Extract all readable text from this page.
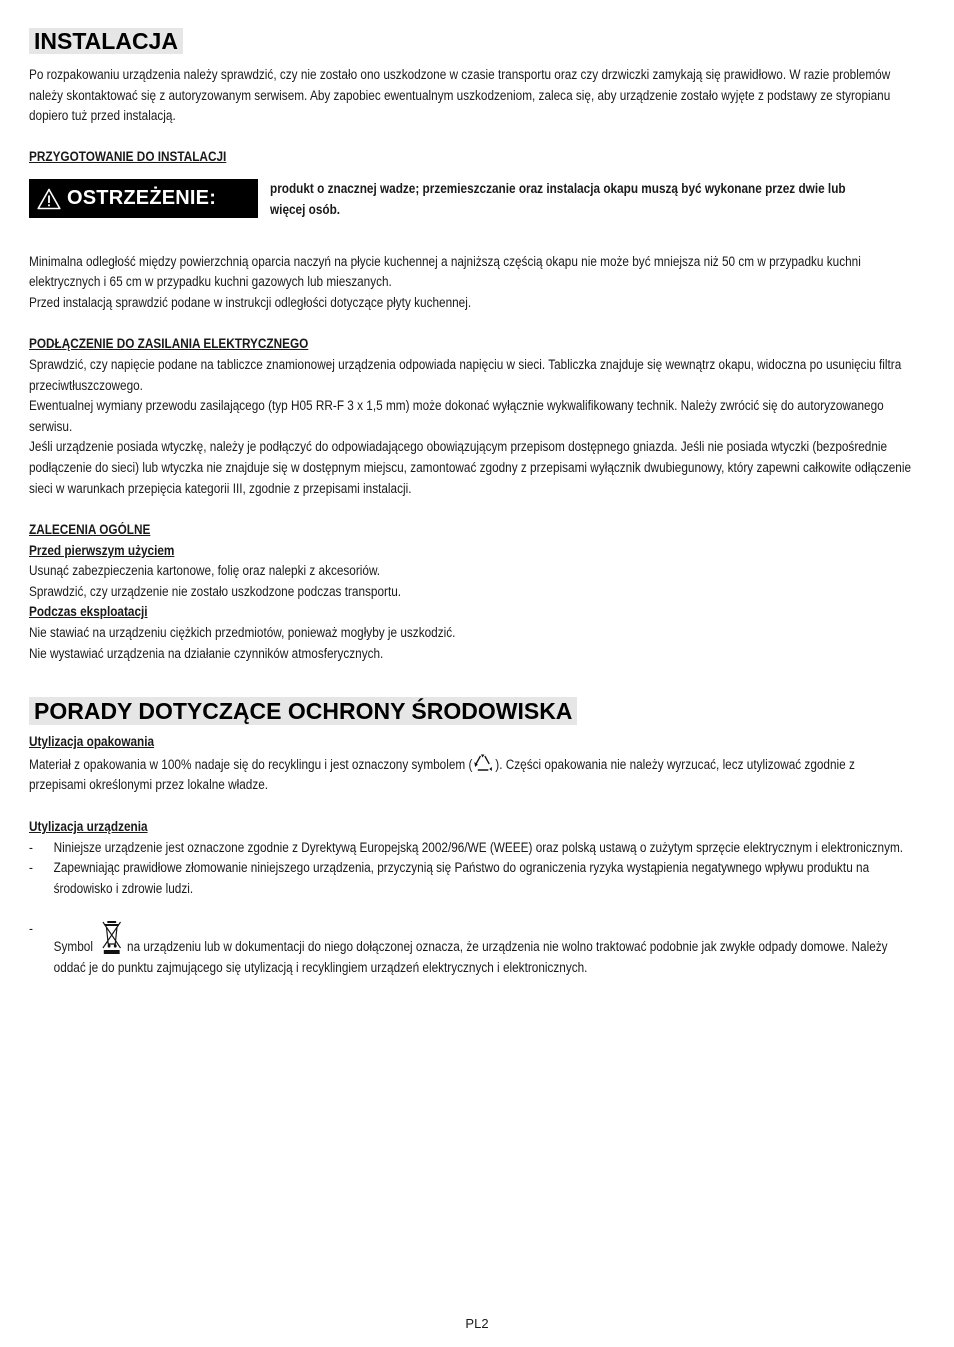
INSTALACJA

Po rozpakowaniu urządzenia należy sprawdzić, czy nie zostało ono uszkodzone w czasie transportu oraz czy drzwiczki zamykają się prawidłowo. W razie problemów należy skontaktować się z autoryzowanym serwisem. Aby zapobiec ewentualnym uszkodzeniom, zaleca się, aby urządzenie zostało wyjęte z podstawy ze styropianu dopiero tuż przed instalacją.

PRZYGOTOWANIE DO INSTALACJI

OSTRZEŻENIE:	produkt o znacznej wadze; przemieszczanie oraz instalacja okapu muszą być wykonane przez dwie lub więcej osób.

Minimalna odległość między powierzchnią oparcia naczyń na płycie kuchennej a najniższą częścią okapu nie może być mniejsza niż 50 cm w przypadku kuchni elektrycznych i 65 cm w przypadku kuchni gazowych lub mieszanych.

Przed instalacją sprawdzić podane w instrukcji odległości dotyczące płyty kuchennej.

PODŁĄCZENIE DO ZASILANIA ELEKTRYCZNEGO

Sprawdzić, czy napięcie podane na tabliczce znamionowej urządzenia odpowiada napięciu w sieci. Tabliczka znajduje się wewnątrz okapu, widoczna po usunięciu filtra przeciwtłuszczowego.

Ewentualnej wymiany przewodu zasilającego (typ H05 RR-F 3 x 1,5 mm) może dokonać wyłącznie wykwalifikowany technik. Należy zwrócić się do autoryzowanego serwisu.

Jeśli urządzenie posiada wtyczkę, należy je podłączyć do odpowiadającego obowiązującym przepisom dostępnego gniazda. Jeśli nie posiada wtyczki (bezpośrednie podłączenie do sieci) lub wtyczka nie znajduje się w dostępnym miejscu, zamontować zgodny z przepisami wyłącznik dwubiegunowy, który zapewni całkowite odłączenie sieci w warunkach przepięcia kategorii III, zgodnie z przepisami instalacji.

ZALECENIA OGÓLNE

Przed pierwszym użyciem

Usunąć zabezpieczenia kartonowe, folię oraz nalepki z akcesoriów.

Sprawdzić, czy urządzenie nie zostało uszkodzone podczas transportu.

Podczas eksploatacji

Nie stawiać na urządzeniu ciężkich przedmiotów, ponieważ mogłyby je uszkodzić.

Nie wystawiać urządzenia na działanie czynników atmosferycznych.

PORADY DOTYCZĄCE OCHRONY ŚRODOWISKA

Utylizacja opakowania

Materiał z opakowania w 100% nadaje się do recyklingu i jest oznaczony symbolem ( ). Części opakowania nie należy wyrzucać, lecz utylizować zgodnie z przepisami określonymi przez lokalne władze.

Utylizacja urządzenia

-	Niniejsze urządzenie jest oznaczone zgodnie z Dyrektywą Europejską 2002/96/WE (WEEE) oraz polską ustawą o zużytym sprzęcie elektrycznym i elektronicznym.
-	Zapewniając prawidłowe złomowanie niniejszego urządzenia, przyczynią się Państwo do ograniczenia ryzyka wystąpienia negatywnego wpływu produktu na środowisko i zdrowie ludzi.
-
Symbol	na urządzeniu lub w dokumentacji do niego dołączonej oznacza, że urządzenia nie wolno traktować podobnie jak zwykłe odpady domowe. Należy oddać je do punktu zajmującego się utylizacją i recyklingiem urządzeń elektrycznych i elektronicznych.
PL2
